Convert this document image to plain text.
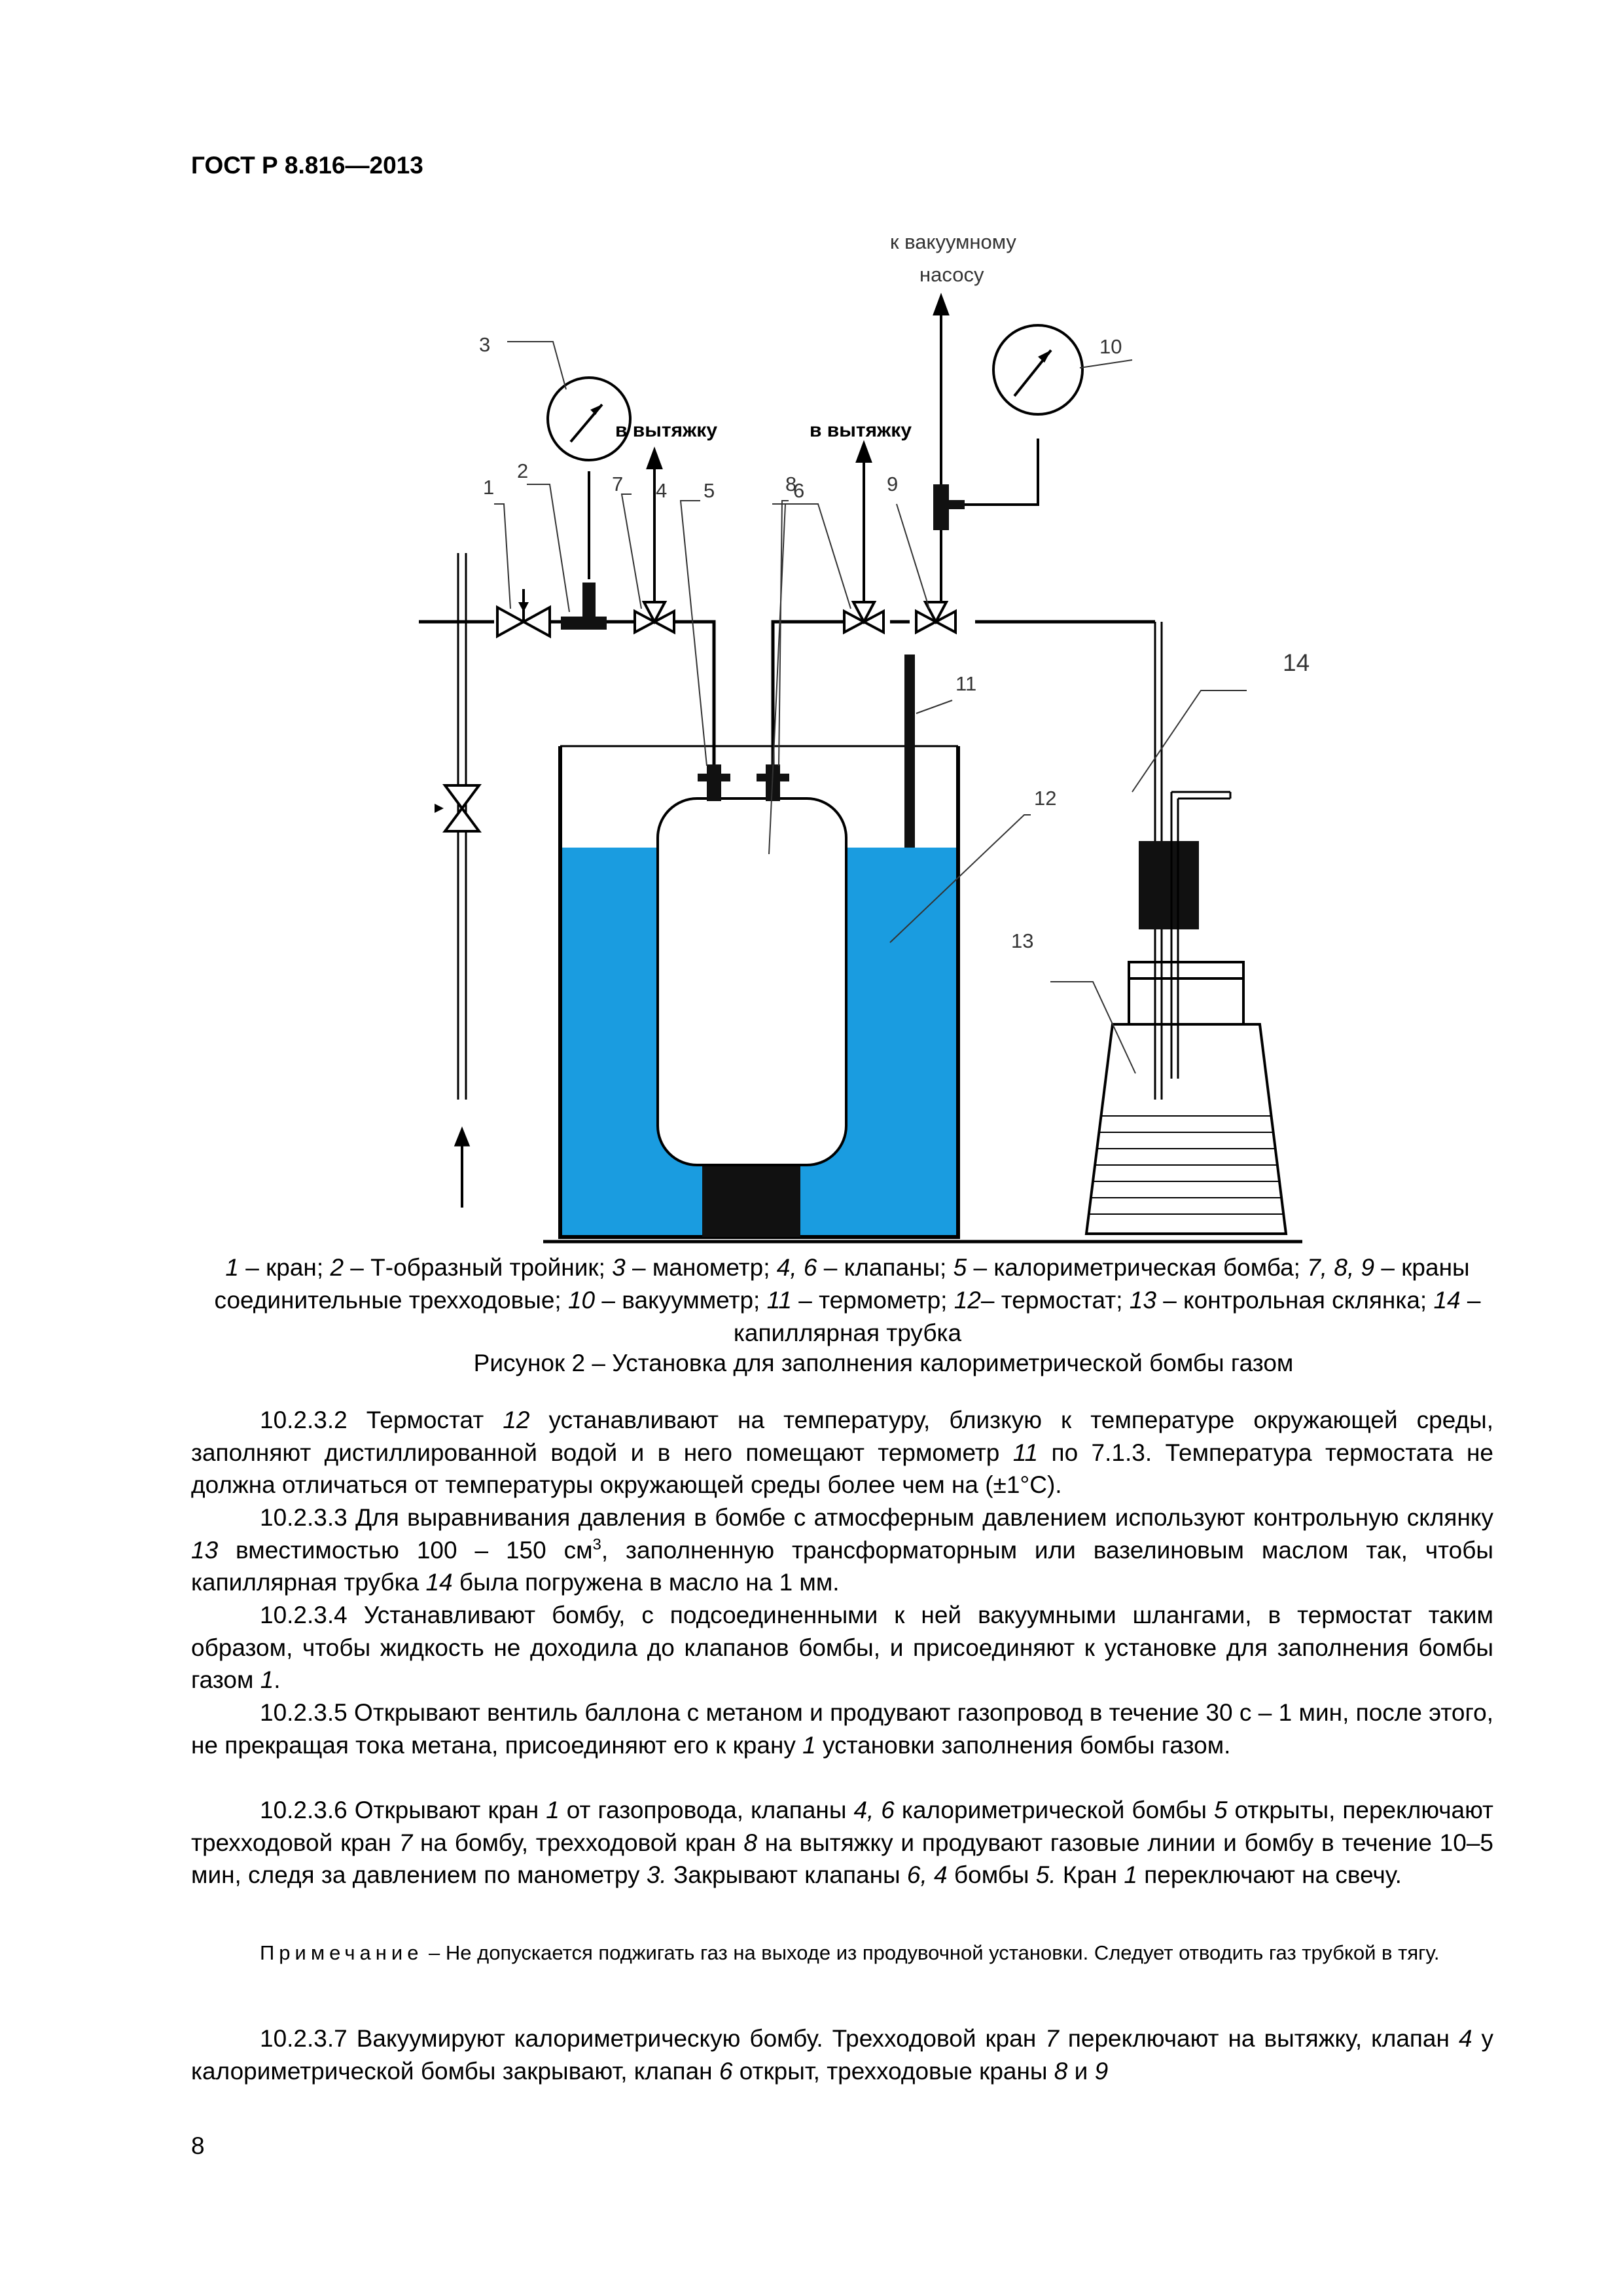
ГОСТ Р 8.816—2013
1
2
3
4 5	6
7	8	9
10
11
12
13
14
в вытяжку	в вытяжку
к вакуумному
насосу
1 – кран; 2 – Т-образный тройник; 3 – манометр; 4, 6 – клапаны; 5 – калориметрическая бомба; 7, 8, 9 – краны соединительные трехходовые; 10 – вакуумметр; 11 – термометр; 12– термостат; 13 – контрольная склянка; 14 – капиллярная трубка
Рисунок 2 – Установка для заполнения калориметрической бомбы газом
10.2.3.2 Термостат 12 устанавливают на температуру, близкую к температуре окружающей среды, заполняют дистиллированной водой и в него помещают термометр 11 по 7.1.3. Температура термостата не должна отличаться от температуры окружающей среды более чем на (±1°С).
10.2.3.3 Для выравнивания давления в бомбе с атмосферным давлением используют контрольную склянку 13 вместимостью 100 – 150 $см^3$, заполненную трансформаторным или вазелиновым маслом так, чтобы капиллярная трубка 14 была погружена в масло на 1 мм.
10.2.3.4 Устанавливают бомбу, с подсоединенными к ней вакуумными шлангами, в термостат таким образом, чтобы жидкость не доходила до клапанов бомбы, и присоединяют к установке для заполнения бомбы газом 1.
10.2.3.5 Открывают вентиль баллона с метаном и продувают газопровод в течение 30 с – 1 мин, после этого, не прекращая тока метана, присоединяют его к крану 1 установки заполнения бомбы газом.
10.2.3.6 Открывают кран 1 от газопровода, клапаны 4, 6 калориметрической бомбы 5 открыты, переключают трехходовой кран 7 на бомбу, трехходовой кран 8 на вытяжку и продувают газовые линии и бомбу в течение 10–5 мин, следя за давлением по манометру 3. Закрывают клапаны 6, 4 бомбы 5. Кран 1 переключают на свечу.
Примечание – Не допускается поджигать газ на выходе из продувочной установки. Следует отводить газ трубкой в тягу.
10.2.3.7 Вакуумируют калориметрическую бомбу. Трехходовой кран 7 переключают на вытяжку, клапан 4 у калориметрической бомбы закрывают, клапан 6 открыт, трехходовые краны 8 и 9
8
